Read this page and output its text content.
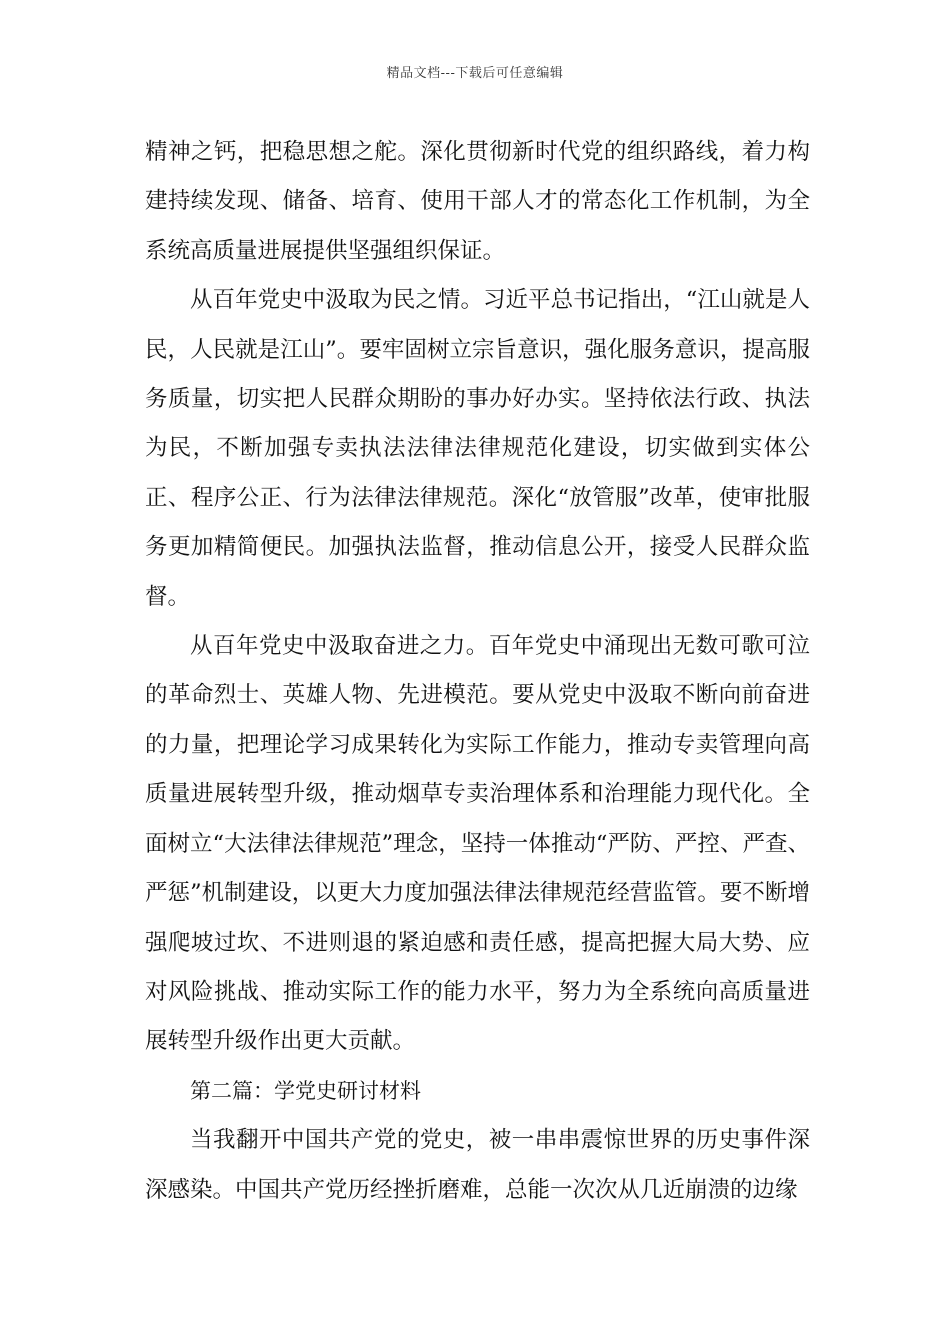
精品文档---下载后可任意编辑

精神之钙，把稳思想之舵。深化贯彻新时代党的组织路线，着力构建持续发现、储备、培育、使用干部人才的常态化工作机制，为全系统高质量进展提供坚强组织保证。

从百年党史中汲取为民之情。习近平总书记指出，“江山就是人民，人民就是江山”。要牢固树立宗旨意识，强化服务意识，提高服务质量，切实把人民群众期盼的事办好办实。坚持依法行政、执法为民，不断加强专卖执法法律法律规范化建设，切实做到实体公正、程序公正、行为法律法律规范。深化“放管服”改革，使审批服务更加精简便民。加强执法监督，推动信息公开，接受人民群众监督。

从百年党史中汲取奋进之力。百年党史中涌现出无数可歌可泣的革命烈士、英雄人物、先进模范。要从党史中汲取不断向前奋进的力量，把理论学习成果转化为实际工作能力，推动专卖管理向高质量进展转型升级，推动烟草专卖治理体系和治理能力现代化。全面树立“大法律法律规范”理念，坚持一体推动“严防、严控、严查、严惩”机制建设，以更大力度加强法律法律规范经营监管。要不断增强爬坡过坎、不进则退的紧迫感和责任感，提高把握大局大势、应对风险挑战、推动实际工作的能力水平，努力为全系统向高质量进展转型升级作出更大贡献。

第二篇：学党史研讨材料

当我翻开中国共产党的党史，被一串串震惊世界的历史事件深深感染。中国共产党历经挫折磨难，总能一次次从几近崩溃的边缘
